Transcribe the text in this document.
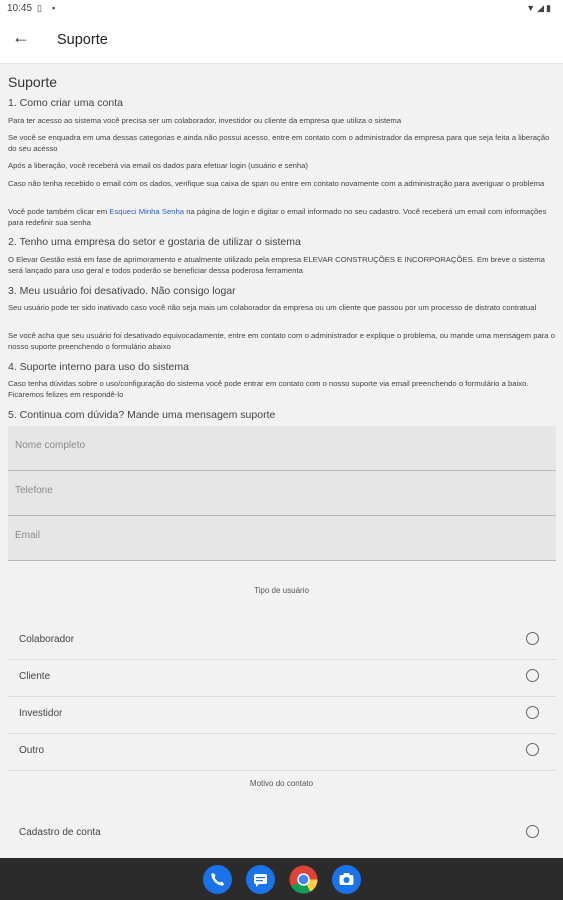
10:45 ▯ ▪	▼◢▮
← Suporte
Suporte
1. Como criar uma conta
Para ter acesso ao sistema você precisa ser um colaborador, investidor ou cliente da empresa que utiliza o sistema
Se você se enquadra em uma dessas categorias e ainda não possui acesso, entre em contato com o administrador da empresa para que seja feita a liberação do seu acesso
Após a liberação, você receberá via email os dados para efetuar login (usuário e senha)
Caso não tenha recebido o email com os dados, verifique sua caixa de span ou entre em contato novamente com a administração para averiguar o problema
Você pode também clicar em Esqueci Minha Senha na página de login e digitar o email informado no seu cadastro. Você receberá um email com informações para redefinir sua senha
2. Tenho uma empresa do setor e gostaria de utilizar o sistema
O Elevar Gestão está em fase de aprimoramento e atualmente utilizado pela empresa ELEVAR CONSTRUÇÕES E INCORPORAÇÕES. Em breve o sistema será lançado para uso geral e todos poderão se beneficiar dessa poderosa ferramenta
3. Meu usuário foi desativado. Não consigo logar
Seu usuário pode ter sido inativado caso você não seja mais um colaborador da empresa ou um cliente que passou por um processo de distrato contratual
Se você acha que seu usuário foi desativado equivocadamente, entre em contato com o administrador e explique o problema, ou mande uma mensagem para o nosso suporte preenchendo o formulário abaixo
4. Suporte interno para uso do sistema
Caso tenha dúvidas sobre o uso/configuração do sistema você pode entrar em contato com o nosso suporte via email preenchendo o formulário a baixo. Ficaremos felizes em respondê-lo
5. Continua com dúvida? Mande uma mensagem suporte
Nome completo
Telefone
Email
Tipo de usuário
Colaborador
Cliente
Investidor
Outro
Motivo do contato
Cadastro de conta
